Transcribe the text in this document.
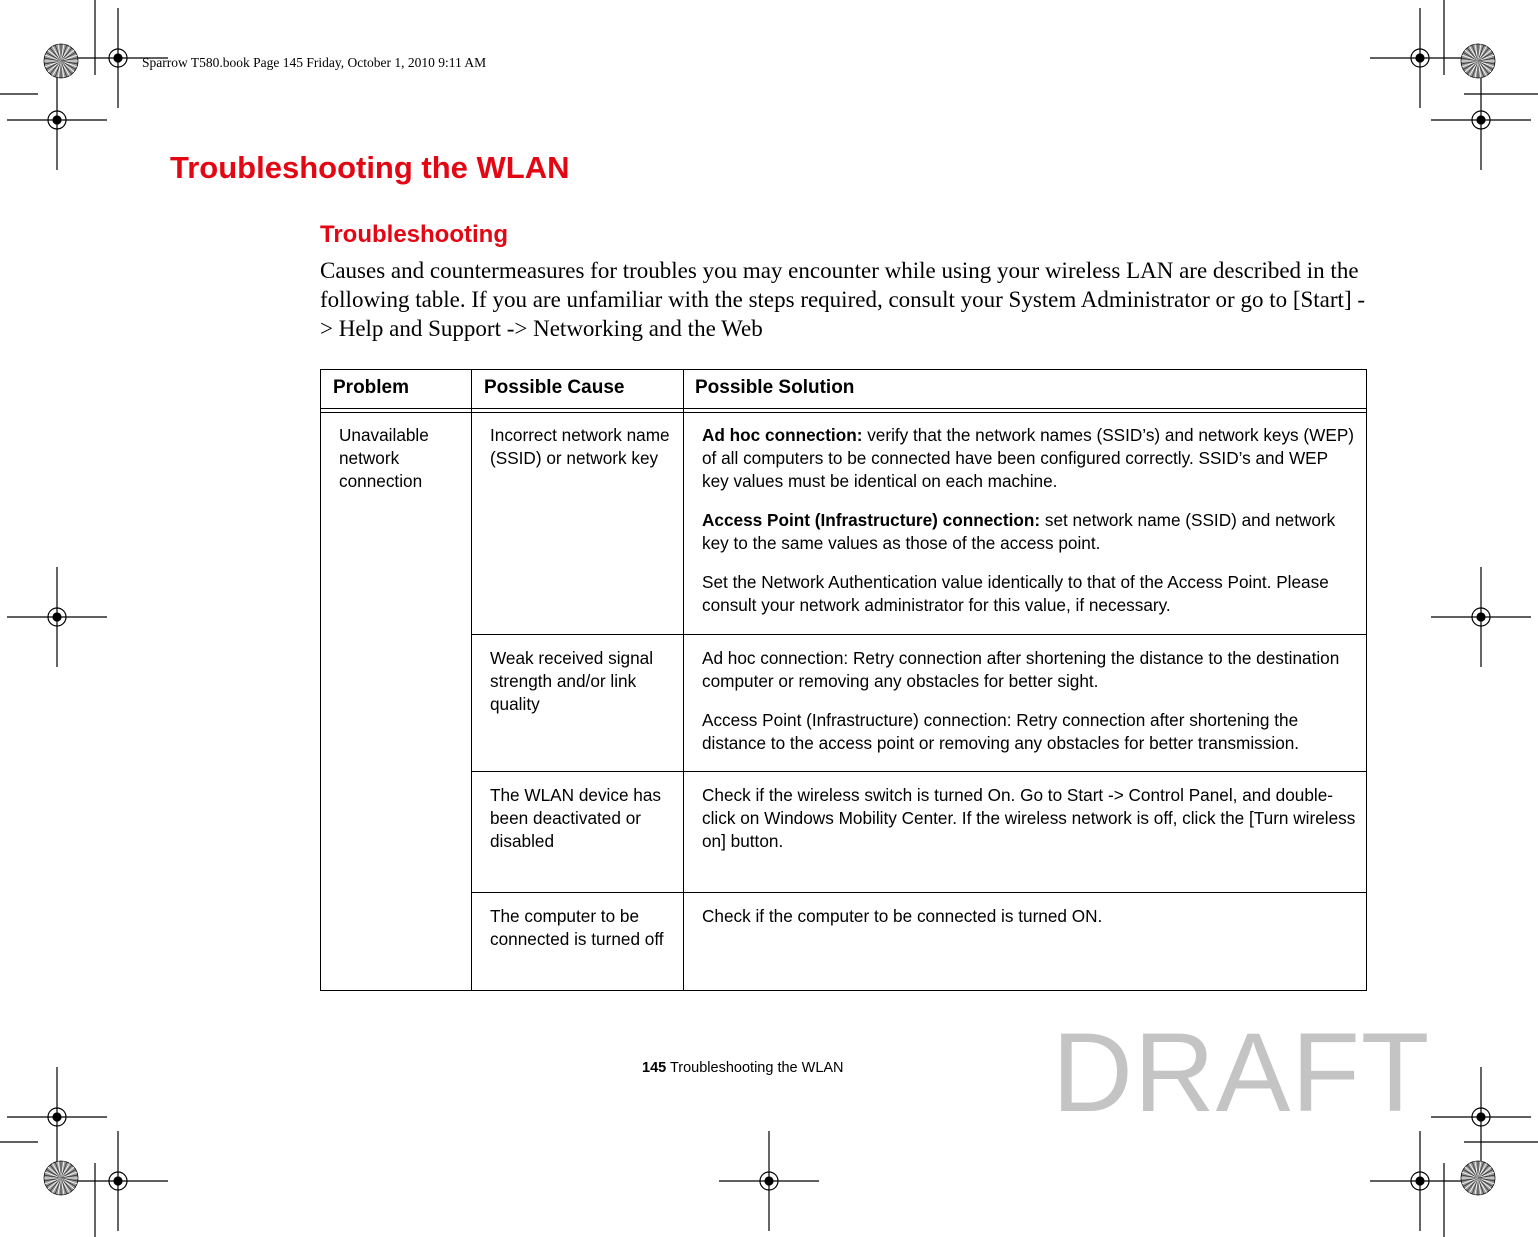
Sparrow T580.book Page 145 Friday, October 1, 2010 9:11 AM
Troubleshooting the WLAN
Troubleshooting

Causes and countermeasures for troubles you may encounter while using your wireless LAN are described in the following table. If you are unfamiliar with the steps required, consult your System Administrator or go to [Start] -> Help and Support -> Networking and the Web

Problem	Possible Cause	Possible Solution
Unavailable network connection
Incorrect network name (SSID) or network key

Ad hoc connection: verify that the network names (SSID’s) and network keys (WEP) of all computers to be connected have been configured correctly. SSID’s and WEP key values must be identical on each machine.

Access Point (Infrastructure) connection: set network name (SSID) and network key to the same values as those of the access point.

Set the Network Authentication value identically to that of the Access Point. Please consult your network administrator for this value, if necessary.

Weak received signal strength and/or link quality

Ad hoc connection: Retry connection after shortening the distance to the destination computer or removing any obstacles for better sight.

Access Point (Infrastructure) connection: Retry connection after shortening the distance to the access point or removing any obstacles for better transmission.

The WLAN device has been deactivated or disabled

Check if the wireless switch is turned On. Go to Start -> Control Panel, and double-click on Windows Mobility Center. If the wireless network is off, click the [Turn wireless on] button.

The computer to be connected is turned off

Check if the computer to be connected is turned ON.

145 Troubleshooting the WLAN DRAFT
